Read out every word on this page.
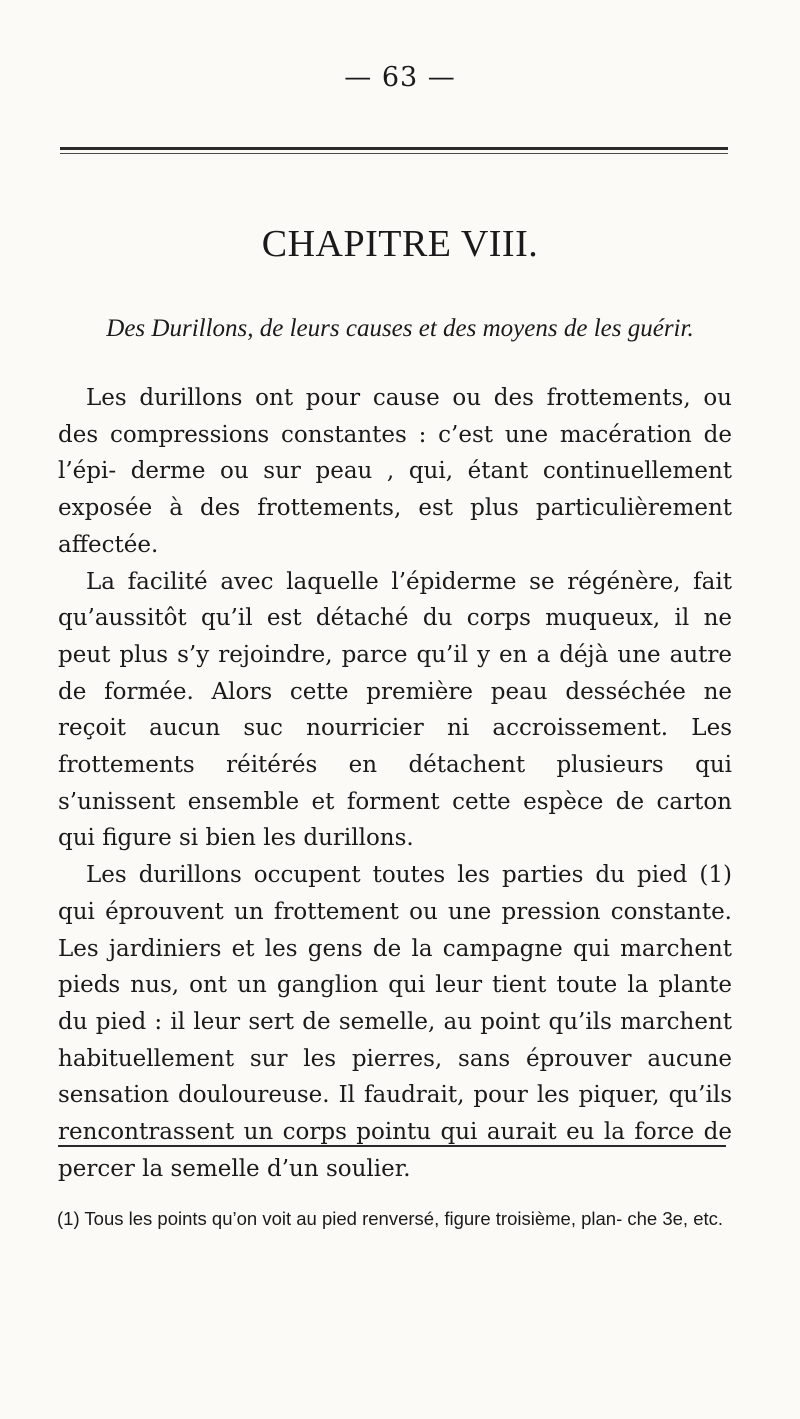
— 63 —
CHAPITRE VIII.
Des Durillons, de leurs causes et des moyens de les guérir.

Les durillons ont pour cause ou des frottements, ou des compressions constantes : c’est une macération de l’épi- derme ou sur peau , qui, étant continuellement exposée à des frottements, est plus particulièrement affectée.

La facilité avec laquelle l’épiderme se régénère, fait qu’aussitôt qu’il est détaché du corps muqueux, il ne peut plus s’y rejoindre, parce qu’il y en a déjà une autre de formée. Alors cette première peau desséchée ne reçoit aucun suc nourricier ni accroissement. Les frottements réitérés en détachent plusieurs qui s’unissent ensemble et forment cette espèce de carton qui figure si bien les durillons.

Les durillons occupent toutes les parties du pied (1) qui éprouvent un frottement ou une pression constante. Les jardiniers et les gens de la campagne qui marchent pieds nus, ont un ganglion qui leur tient toute la plante du pied : il leur sert de semelle, au point qu’ils marchent habituellement sur les pierres, sans éprouver aucune sensation douloureuse. Il faudrait, pour les piquer, qu’ils rencontrassent un corps pointu qui aurait eu la force de percer la semelle d’un soulier.

(1) Tous les points qu’on voit au pied renversé, figure troisième, plan- che 3e, etc.
